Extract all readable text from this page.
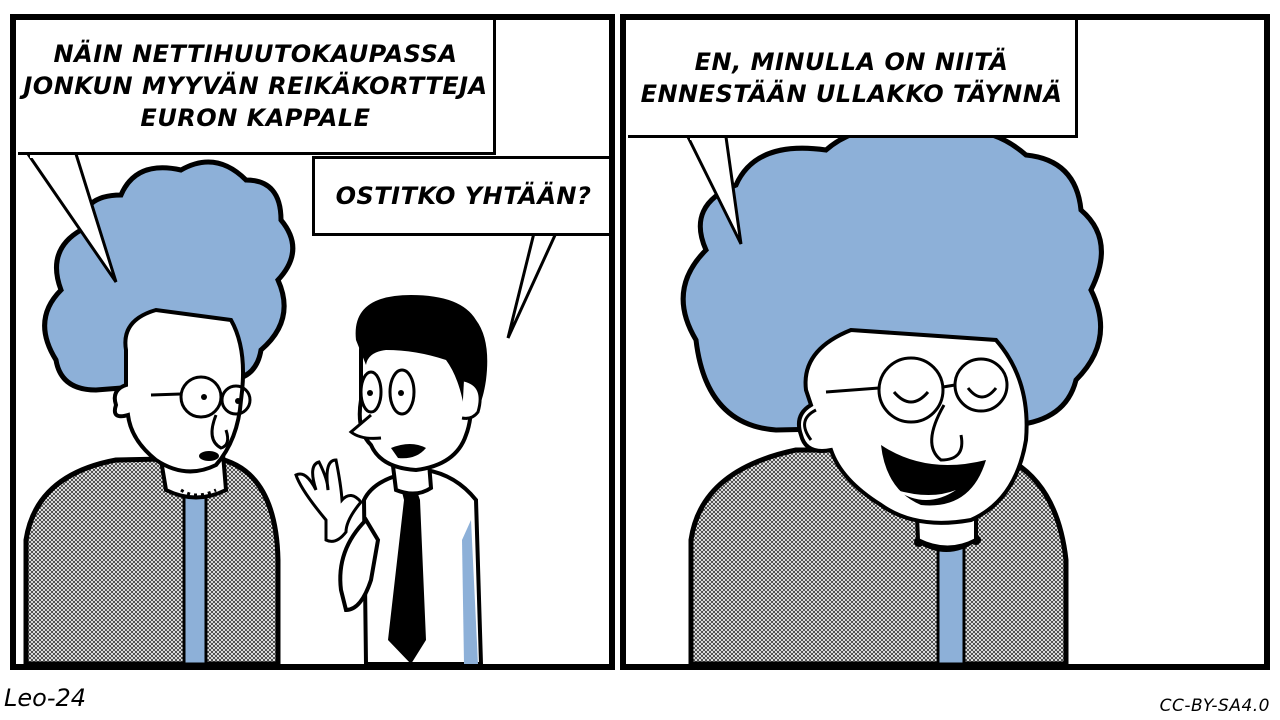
NÄIN NETTIHUUTOKAUPASSA
JONKUN MYYVÄN REIKÄKORTTEJA
EURON KAPPALE
OSTITKO YHTÄÄN?
EN, MINULLA ON NIITÄ
ENNESTÄÄN ULLAKKO TÄYNNÄ
Leo-24	CC-BY-SA4.0
